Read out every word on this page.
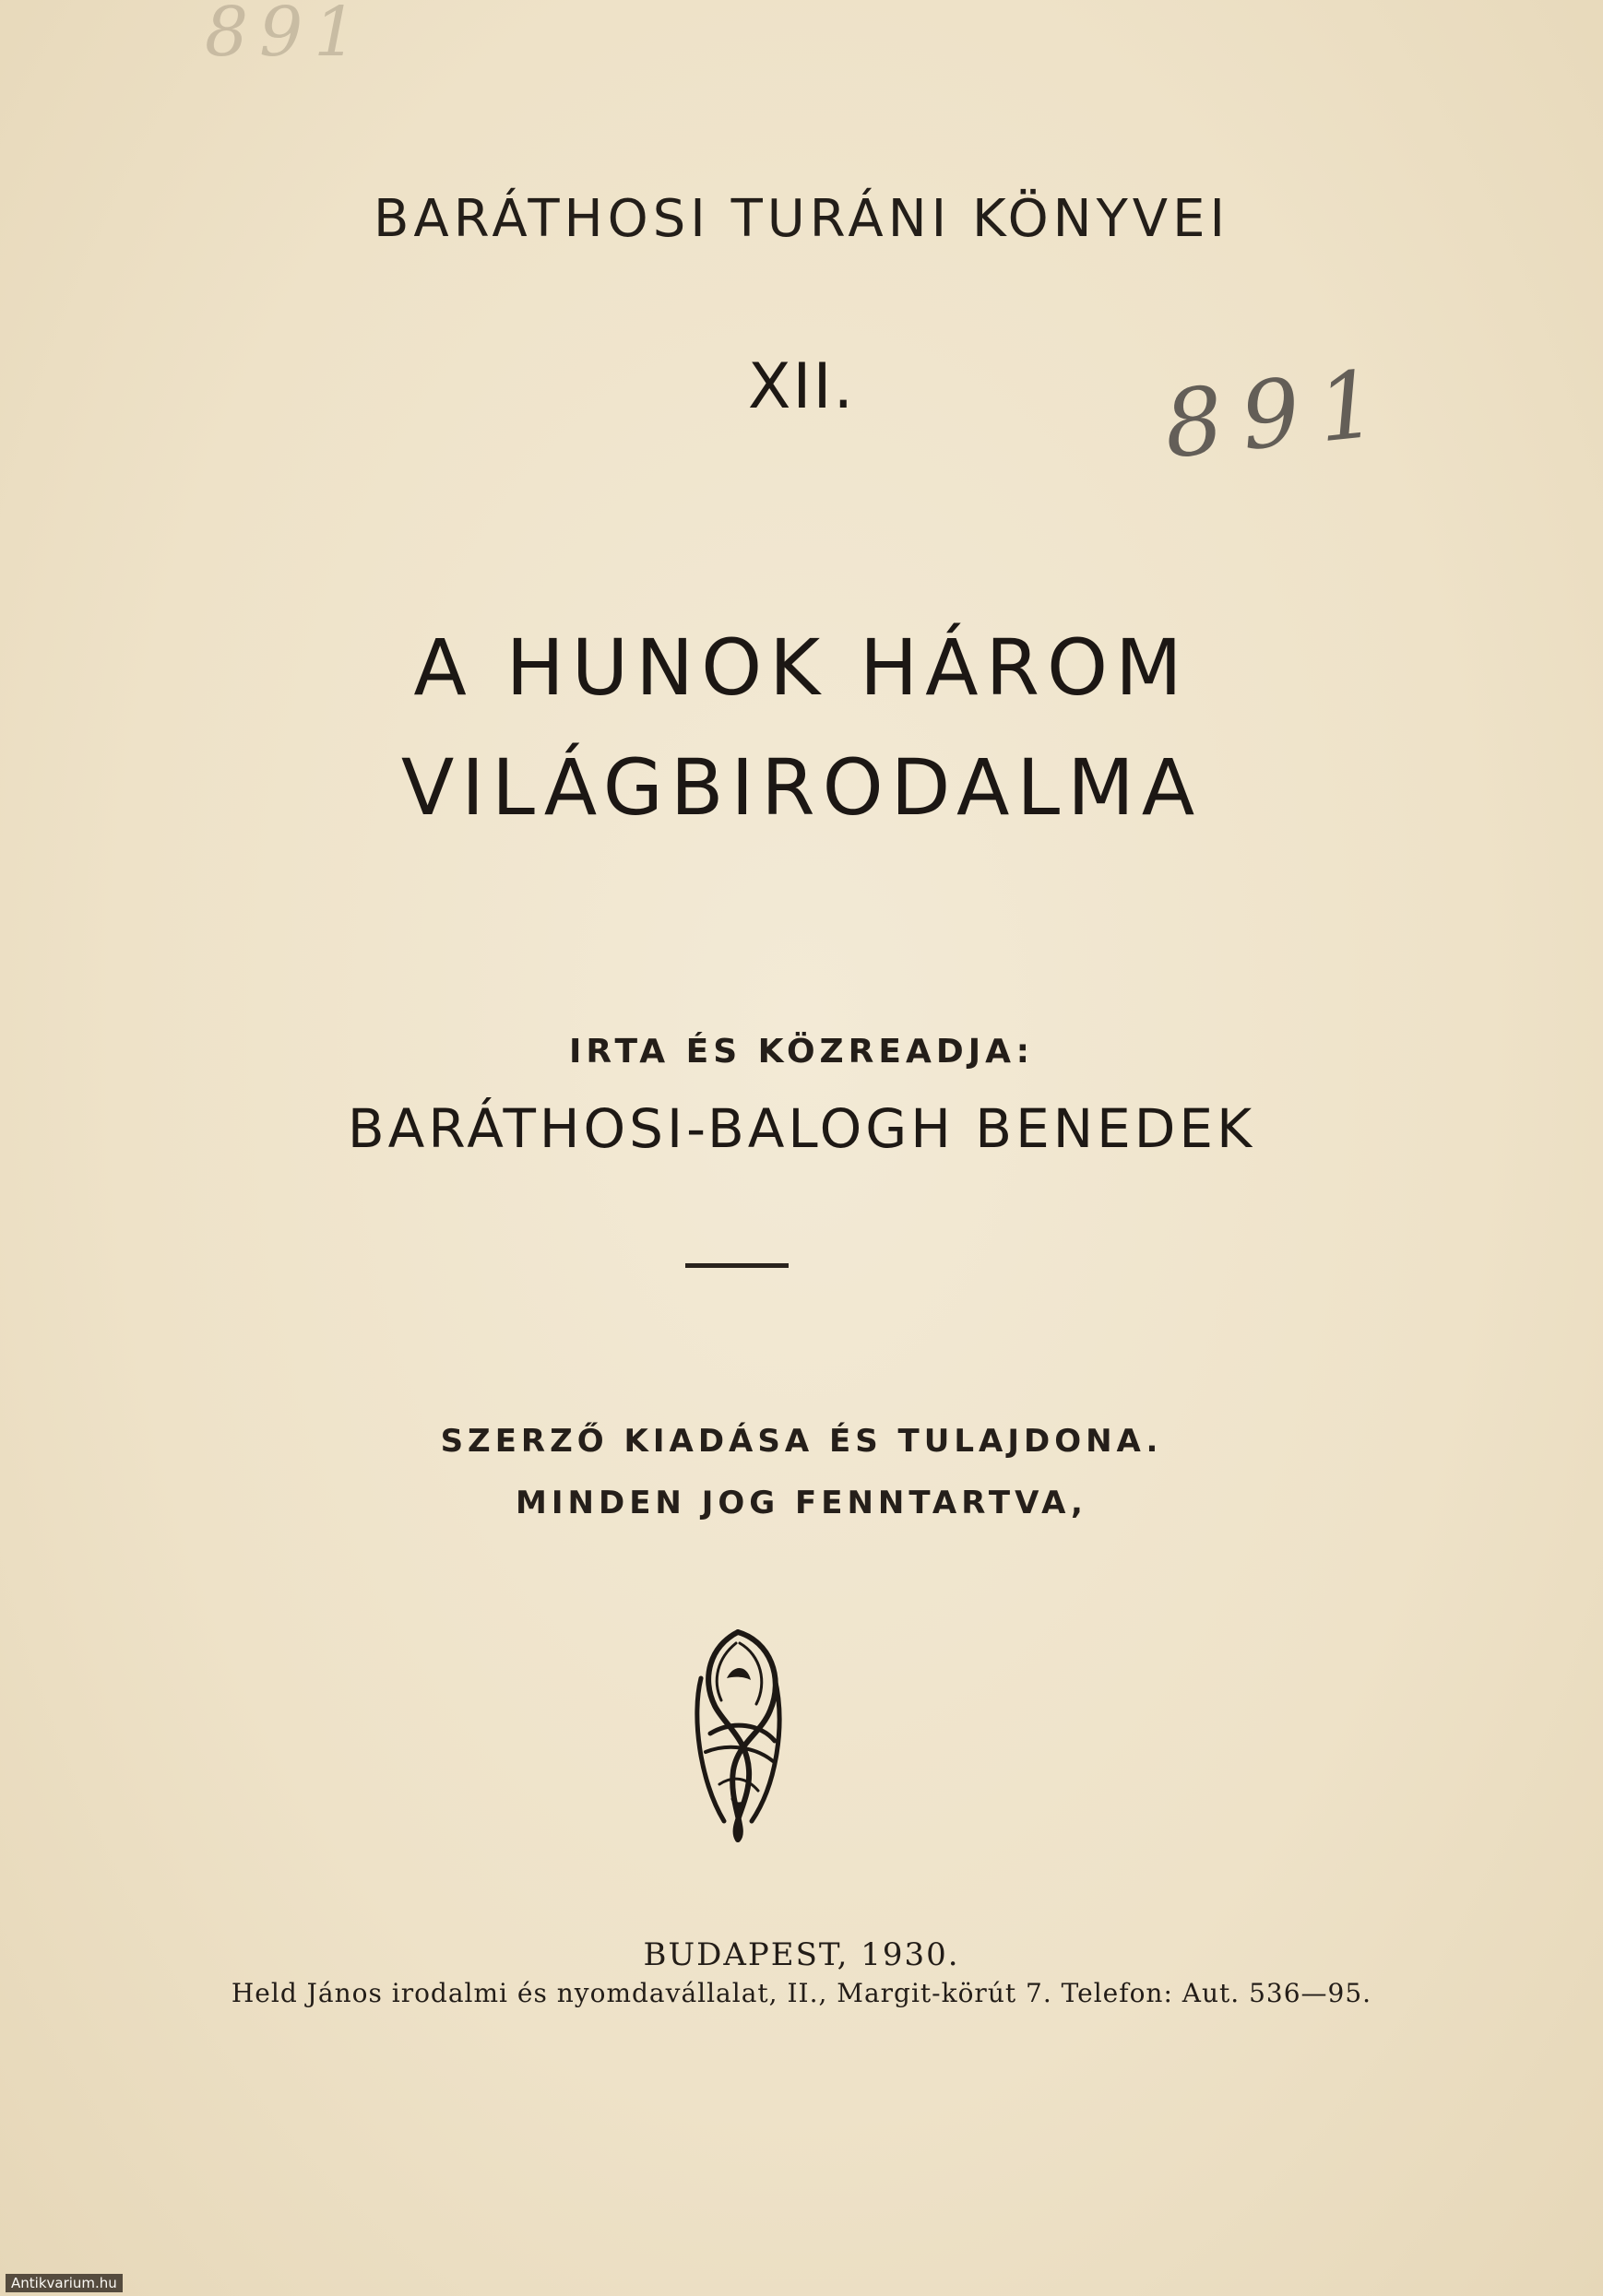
891
BARÁTHOSI TURÁNI KÖNYVEI
XII.	891
A HUNOK HÁROM
VILÁGBIRODALMA
IRTA ÉS KÖZREADJA:
BARÁTHOSI-BALOGH BENEDEK
SZERZŐ KIADÁSA ÉS TULAJDONA.
MINDEN JOG FENNTARTVA,
BUDAPEST, 1930.
Held János irodalmi és nyomdavállalat, II., Margit-körút 7. Telefon: Aut. 536—95.
Antikvarium.hu
